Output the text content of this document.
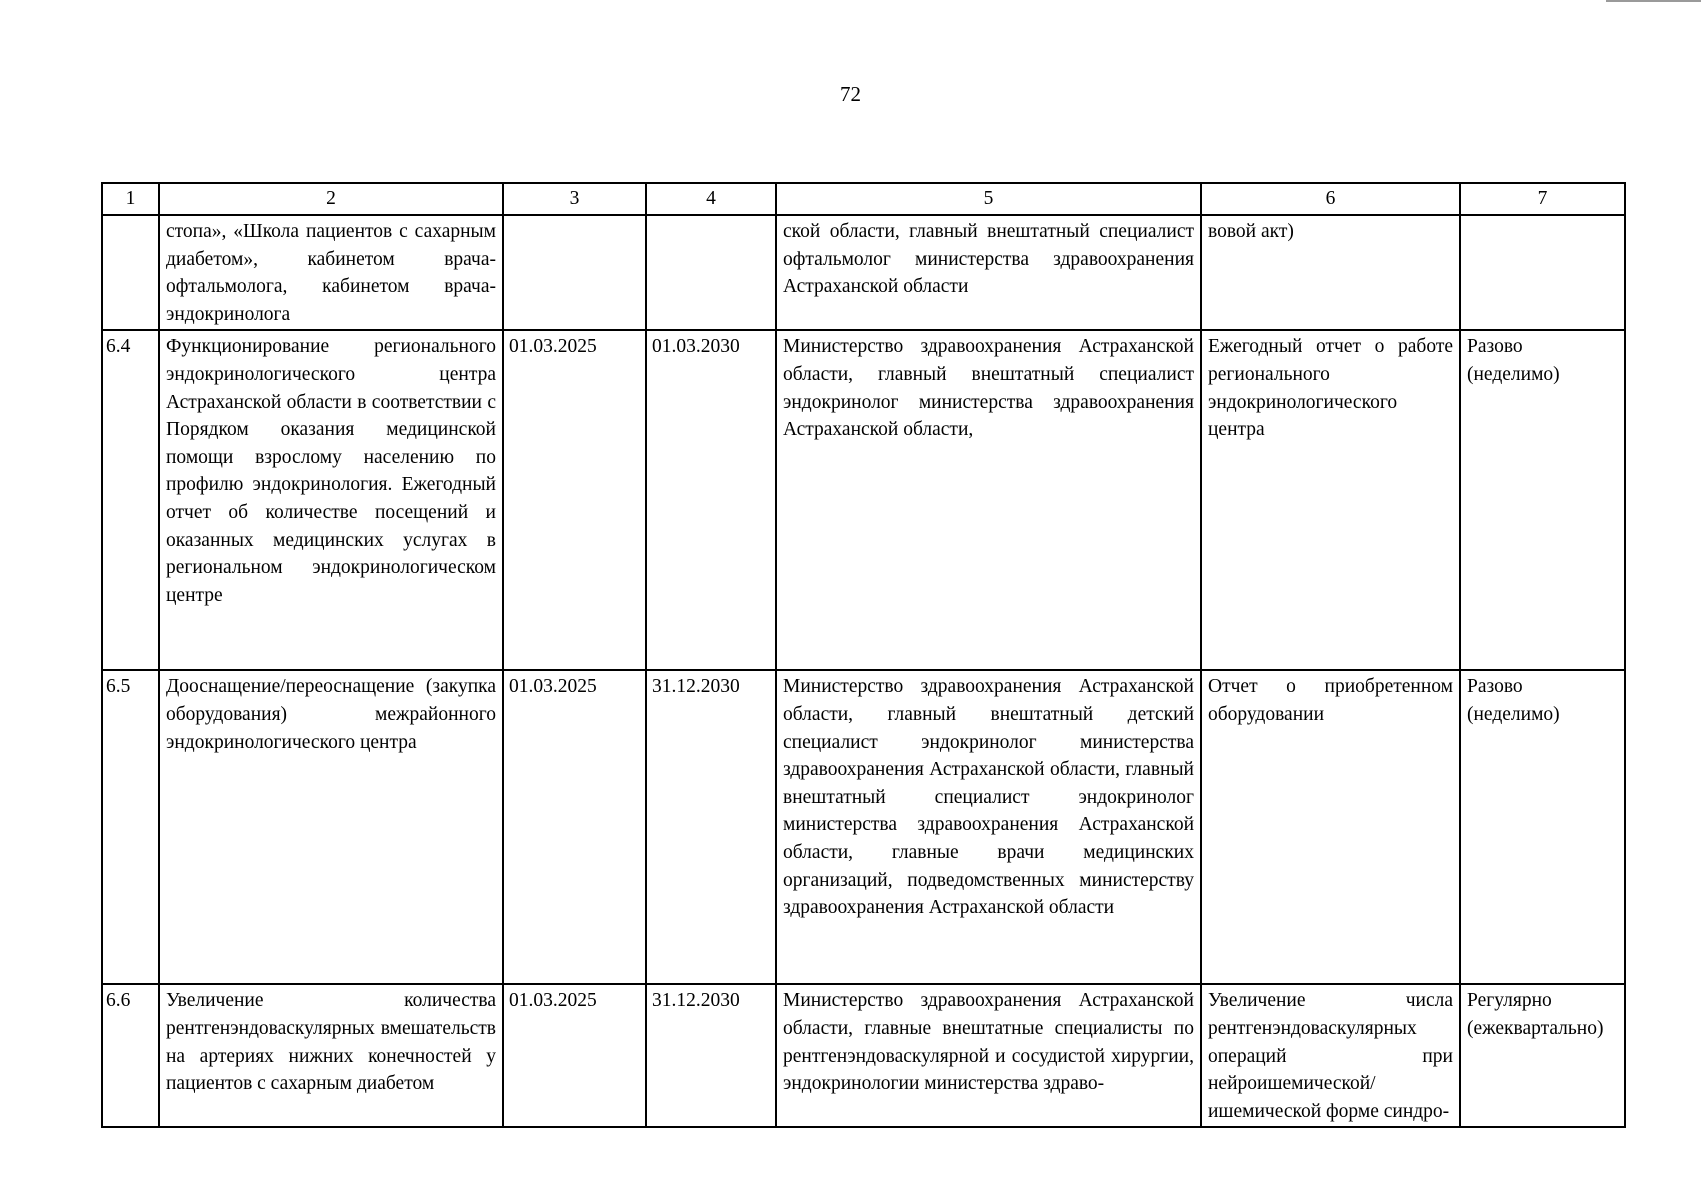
72
1	2	3	4	5	6	7
	стопа», «Школа пациентов с сахарным диабетом», кабинетом врача-офтальмолога, кабинетом врача-эндокринолога			ской области, главный внештатный специалист офтальмолог министерства здравоохранения Астраханской области	вовой акт)	
6.4	Функционирование регионального эндокринологического центра Астраханской области в соответствии с Порядком оказания медицинской помощи взрослому населению по профилю эндокринология. Ежегодный отчет об количестве посещений и оказанных медицинских услугах в региональном эндокринологическом центре	01.03.2025	01.03.2030	Министерство здравоохранения Астраханской области, главный внештатный специалист эндокринолог министерства здравоохранения Астраханской области,	Ежегодный отчет о работе регионального эндокринологического центра	Разово (неделимо)
6.5	Дооснащение/переоснащение (закупка оборудования) межрайонного эндокринологического центра	01.03.2025	31.12.2030	Министерство здравоохранения Астраханской области, главный внештатный детский специалист эндокринолог министерства здравоохранения Астраханской области, главный внештатный специалист эндокринолог министерства здравоохранения Астраханской области, главные врачи медицинских организаций, подведомственных министерству здравоохранения Астраханской области	Отчет о приобретенном оборудовании	Разово (неделимо)
6.6	Увеличение количества рентгенэндоваскулярных вмешательств на артериях нижних конечностей у пациентов с сахарным диабетом	01.03.2025	31.12.2030	Министерство здравоохранения Астраханской области, главные внештатные специалисты по рентгенэндоваскулярной и сосудистой хирургии, эндокринологии министерства здраво-	Увеличение числа рентгенэндоваскулярных операций при нейроишемической/ишемической форме синдро-	Регулярно (ежеквартально)
